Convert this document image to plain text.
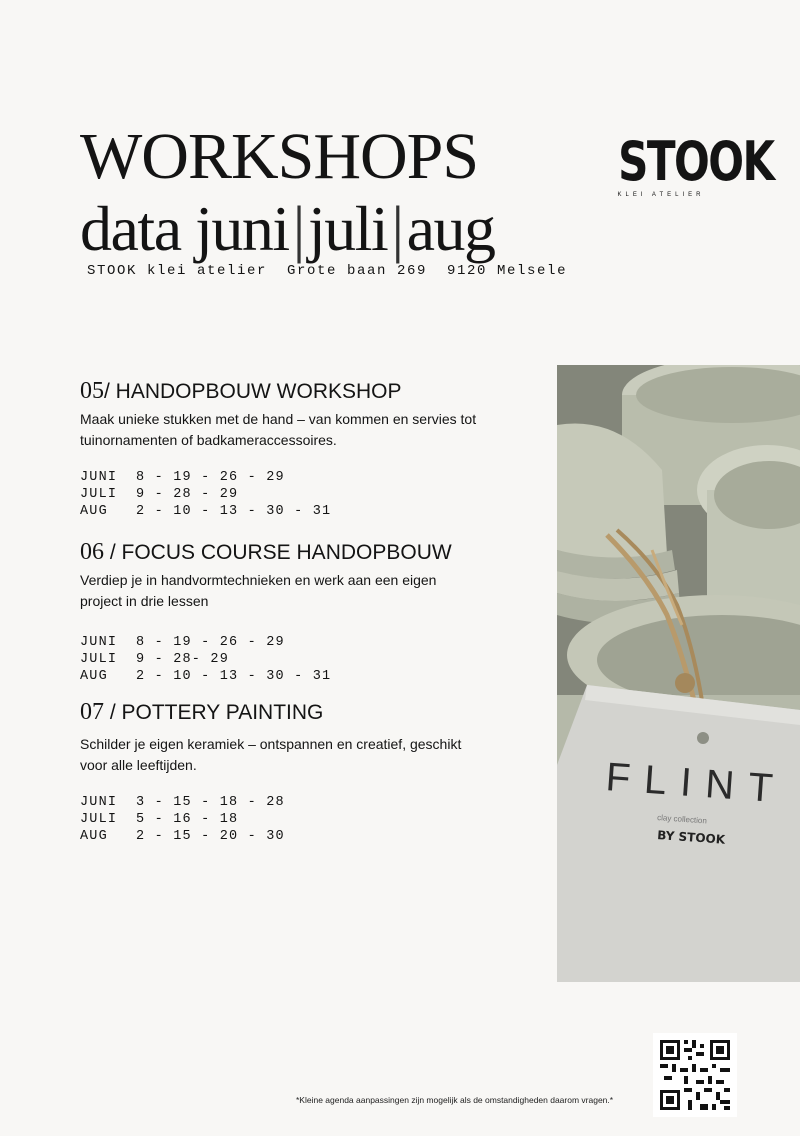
WORKSHOPS
data juni|juli|aug
STOOK klei atelier  Grote baan 269  9120 Melsele
STOOK
KLEI ATELIER
05/ HANDOPBOUW WORKSHOP
Maak unieke stukken met de hand – van kommen en servies tot
tuinornamenten of badkameraccessoires.
JUNI 8 - 19 - 26 - 29
JULI 9 - 28 - 29
AUG 2 - 10 - 13 - 30 - 31
06 / FOCUS COURSE HANDOPBOUW
Verdiep je in handvormtechnieken en werk aan een eigen
project in drie lessen
JUNI 8 - 19 - 26 - 29
JULI 9 - 28- 29
AUG 2 - 10 - 13 - 30 - 31
07 / POTTERY PAINTING
Schilder je eigen keramiek – ontspannen en creatief, geschikt
voor alle leeftijden.
JUNI 3 - 15 - 18 - 28
JULI 5 - 16 - 18
AUG 2 - 15 - 20 - 30
FLINT
clay collection
BY STOOK
*Kleine agenda aanpassingen zijn mogelijk als de omstandigheden daarom vragen.*
